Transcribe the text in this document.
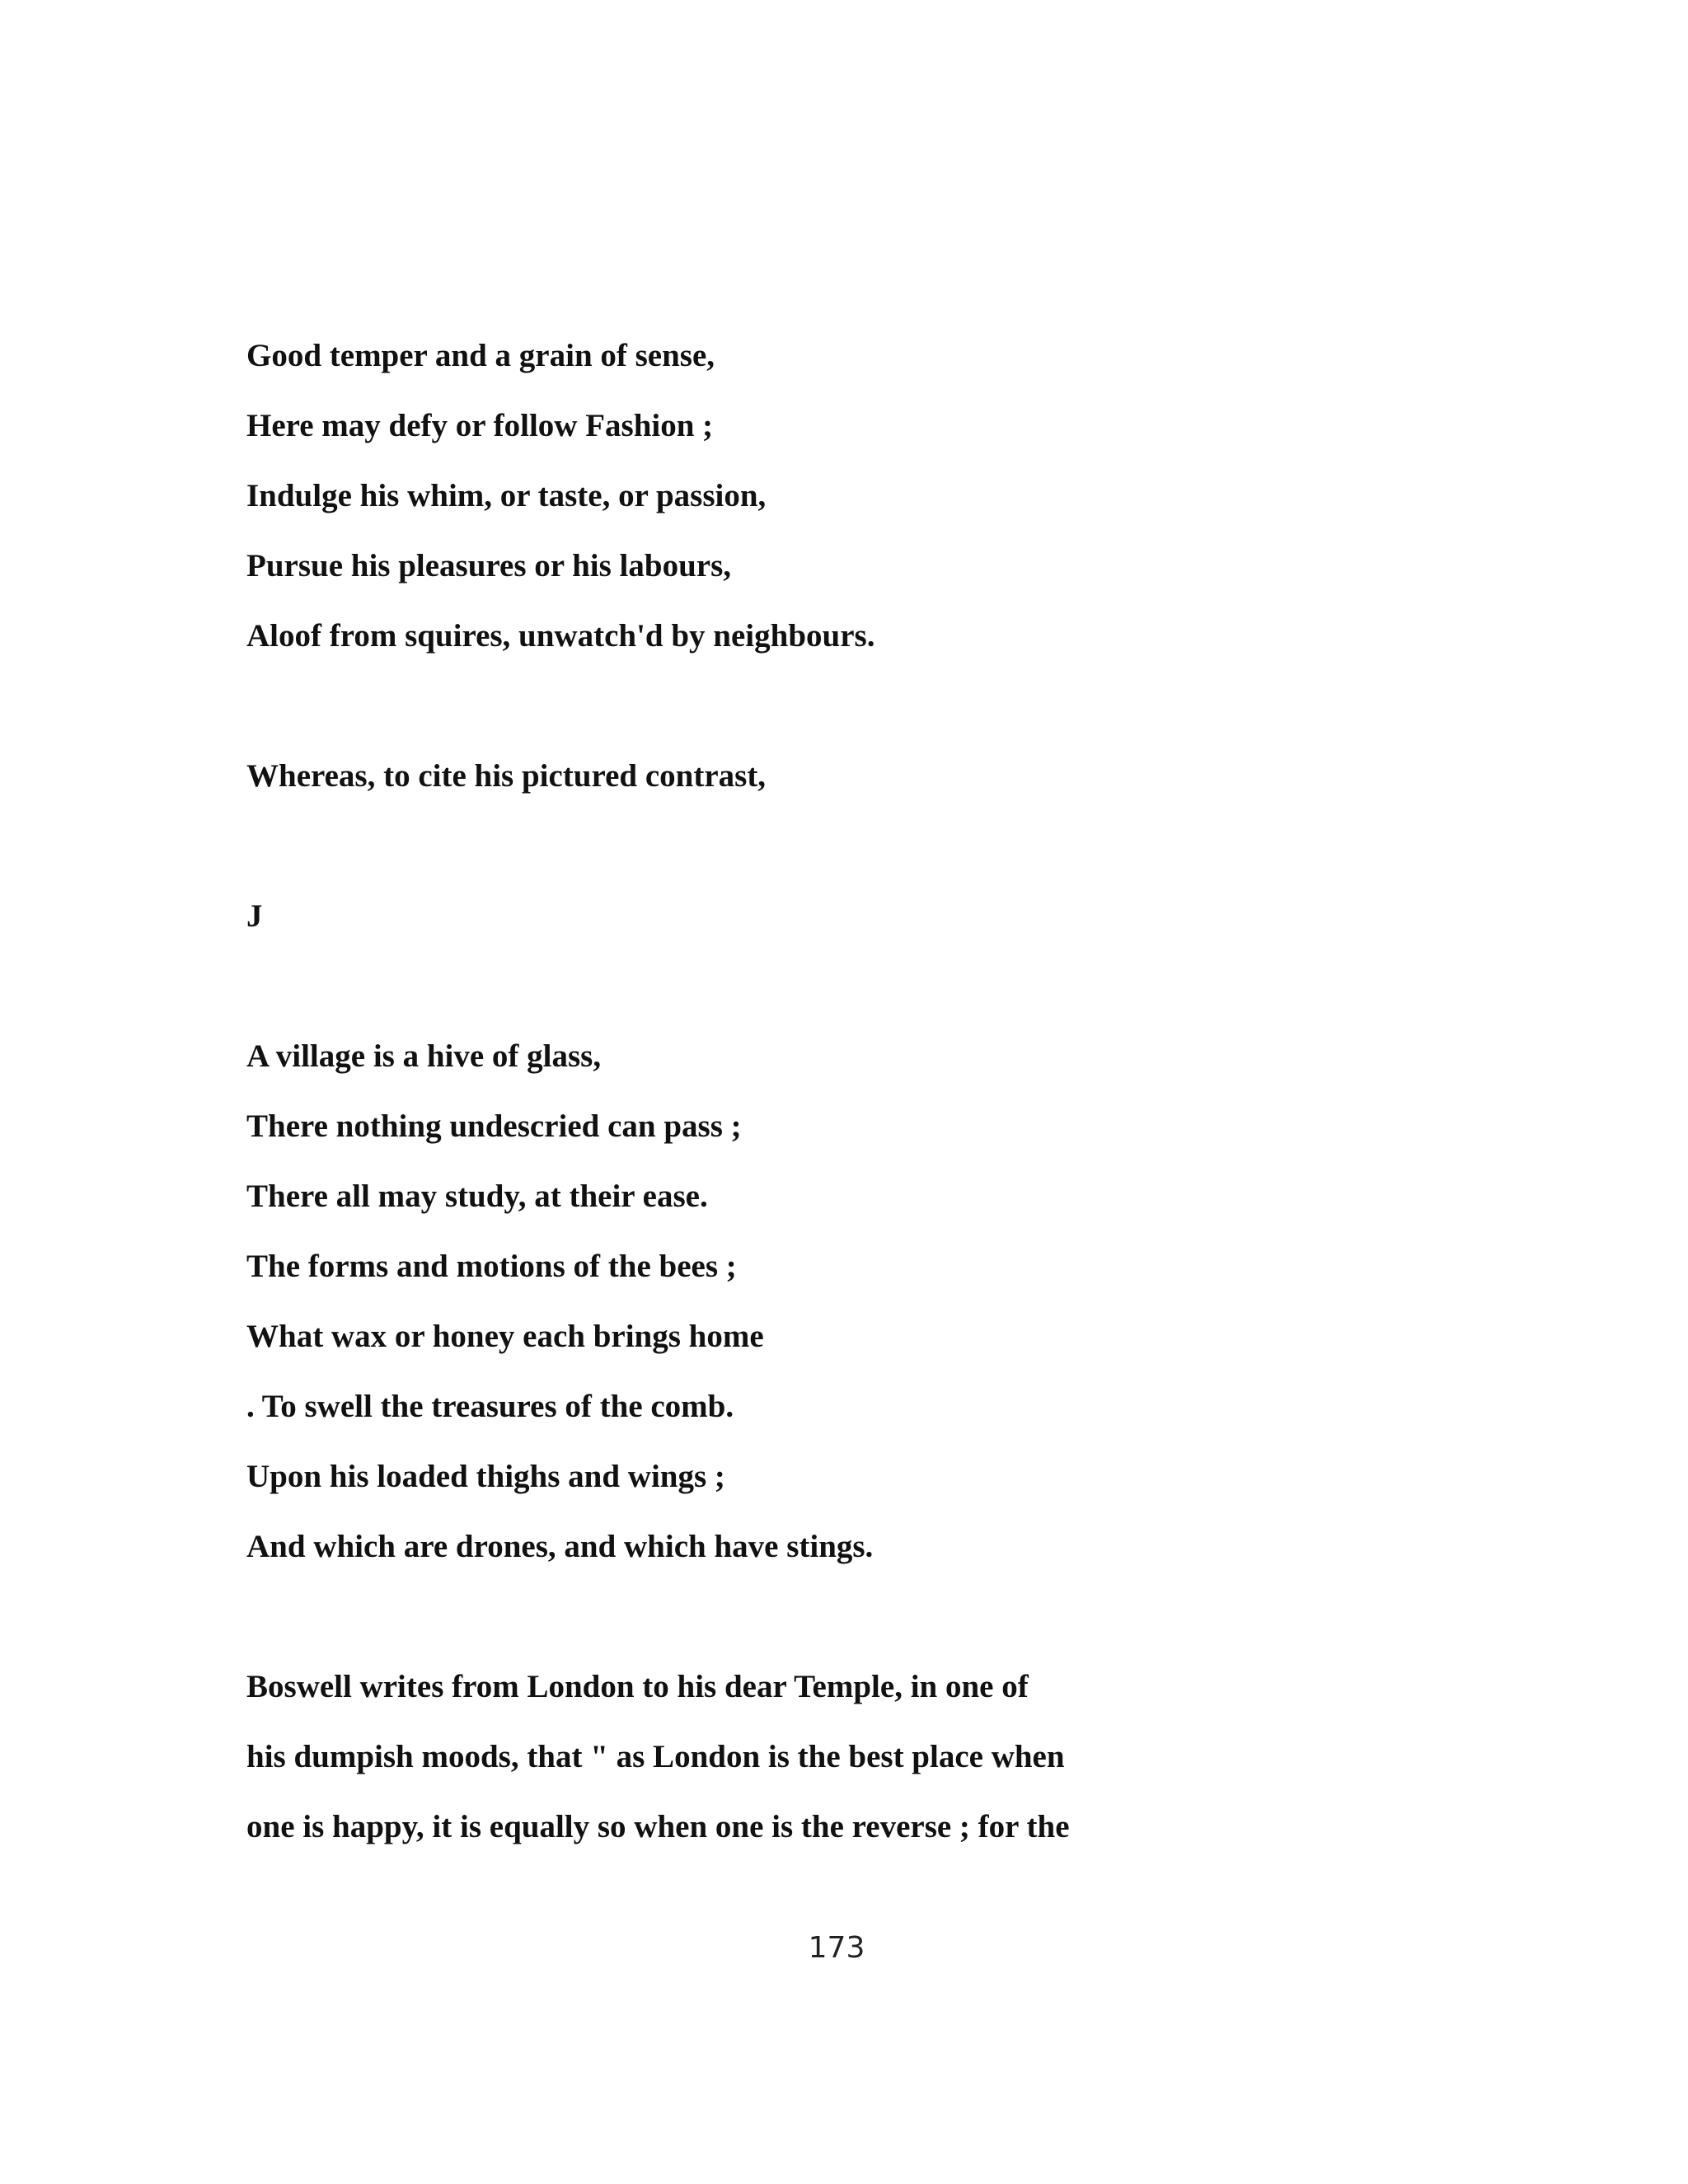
Good temper and a grain of sense,
Here may defy or follow Fashion ;
Indulge his whim, or taste, or passion,
Pursue his pleasures or his labours,
Aloof from squires, unwatch'd by neighbours.
Whereas, to cite his pictured contrast,
J
A village is a hive of glass,
There nothing undescried can pass ;
There all may study, at their ease.
The forms and motions of the bees ;
What wax or honey each brings home
. To swell the treasures of the comb.
Upon his loaded thighs and wings ;
And which are drones, and which have stings.
Boswell writes from London to his dear Temple, in one of
his dumpish moods, that " as London is the best place when
one is happy, it is equally so when one is the reverse ; for the
173
